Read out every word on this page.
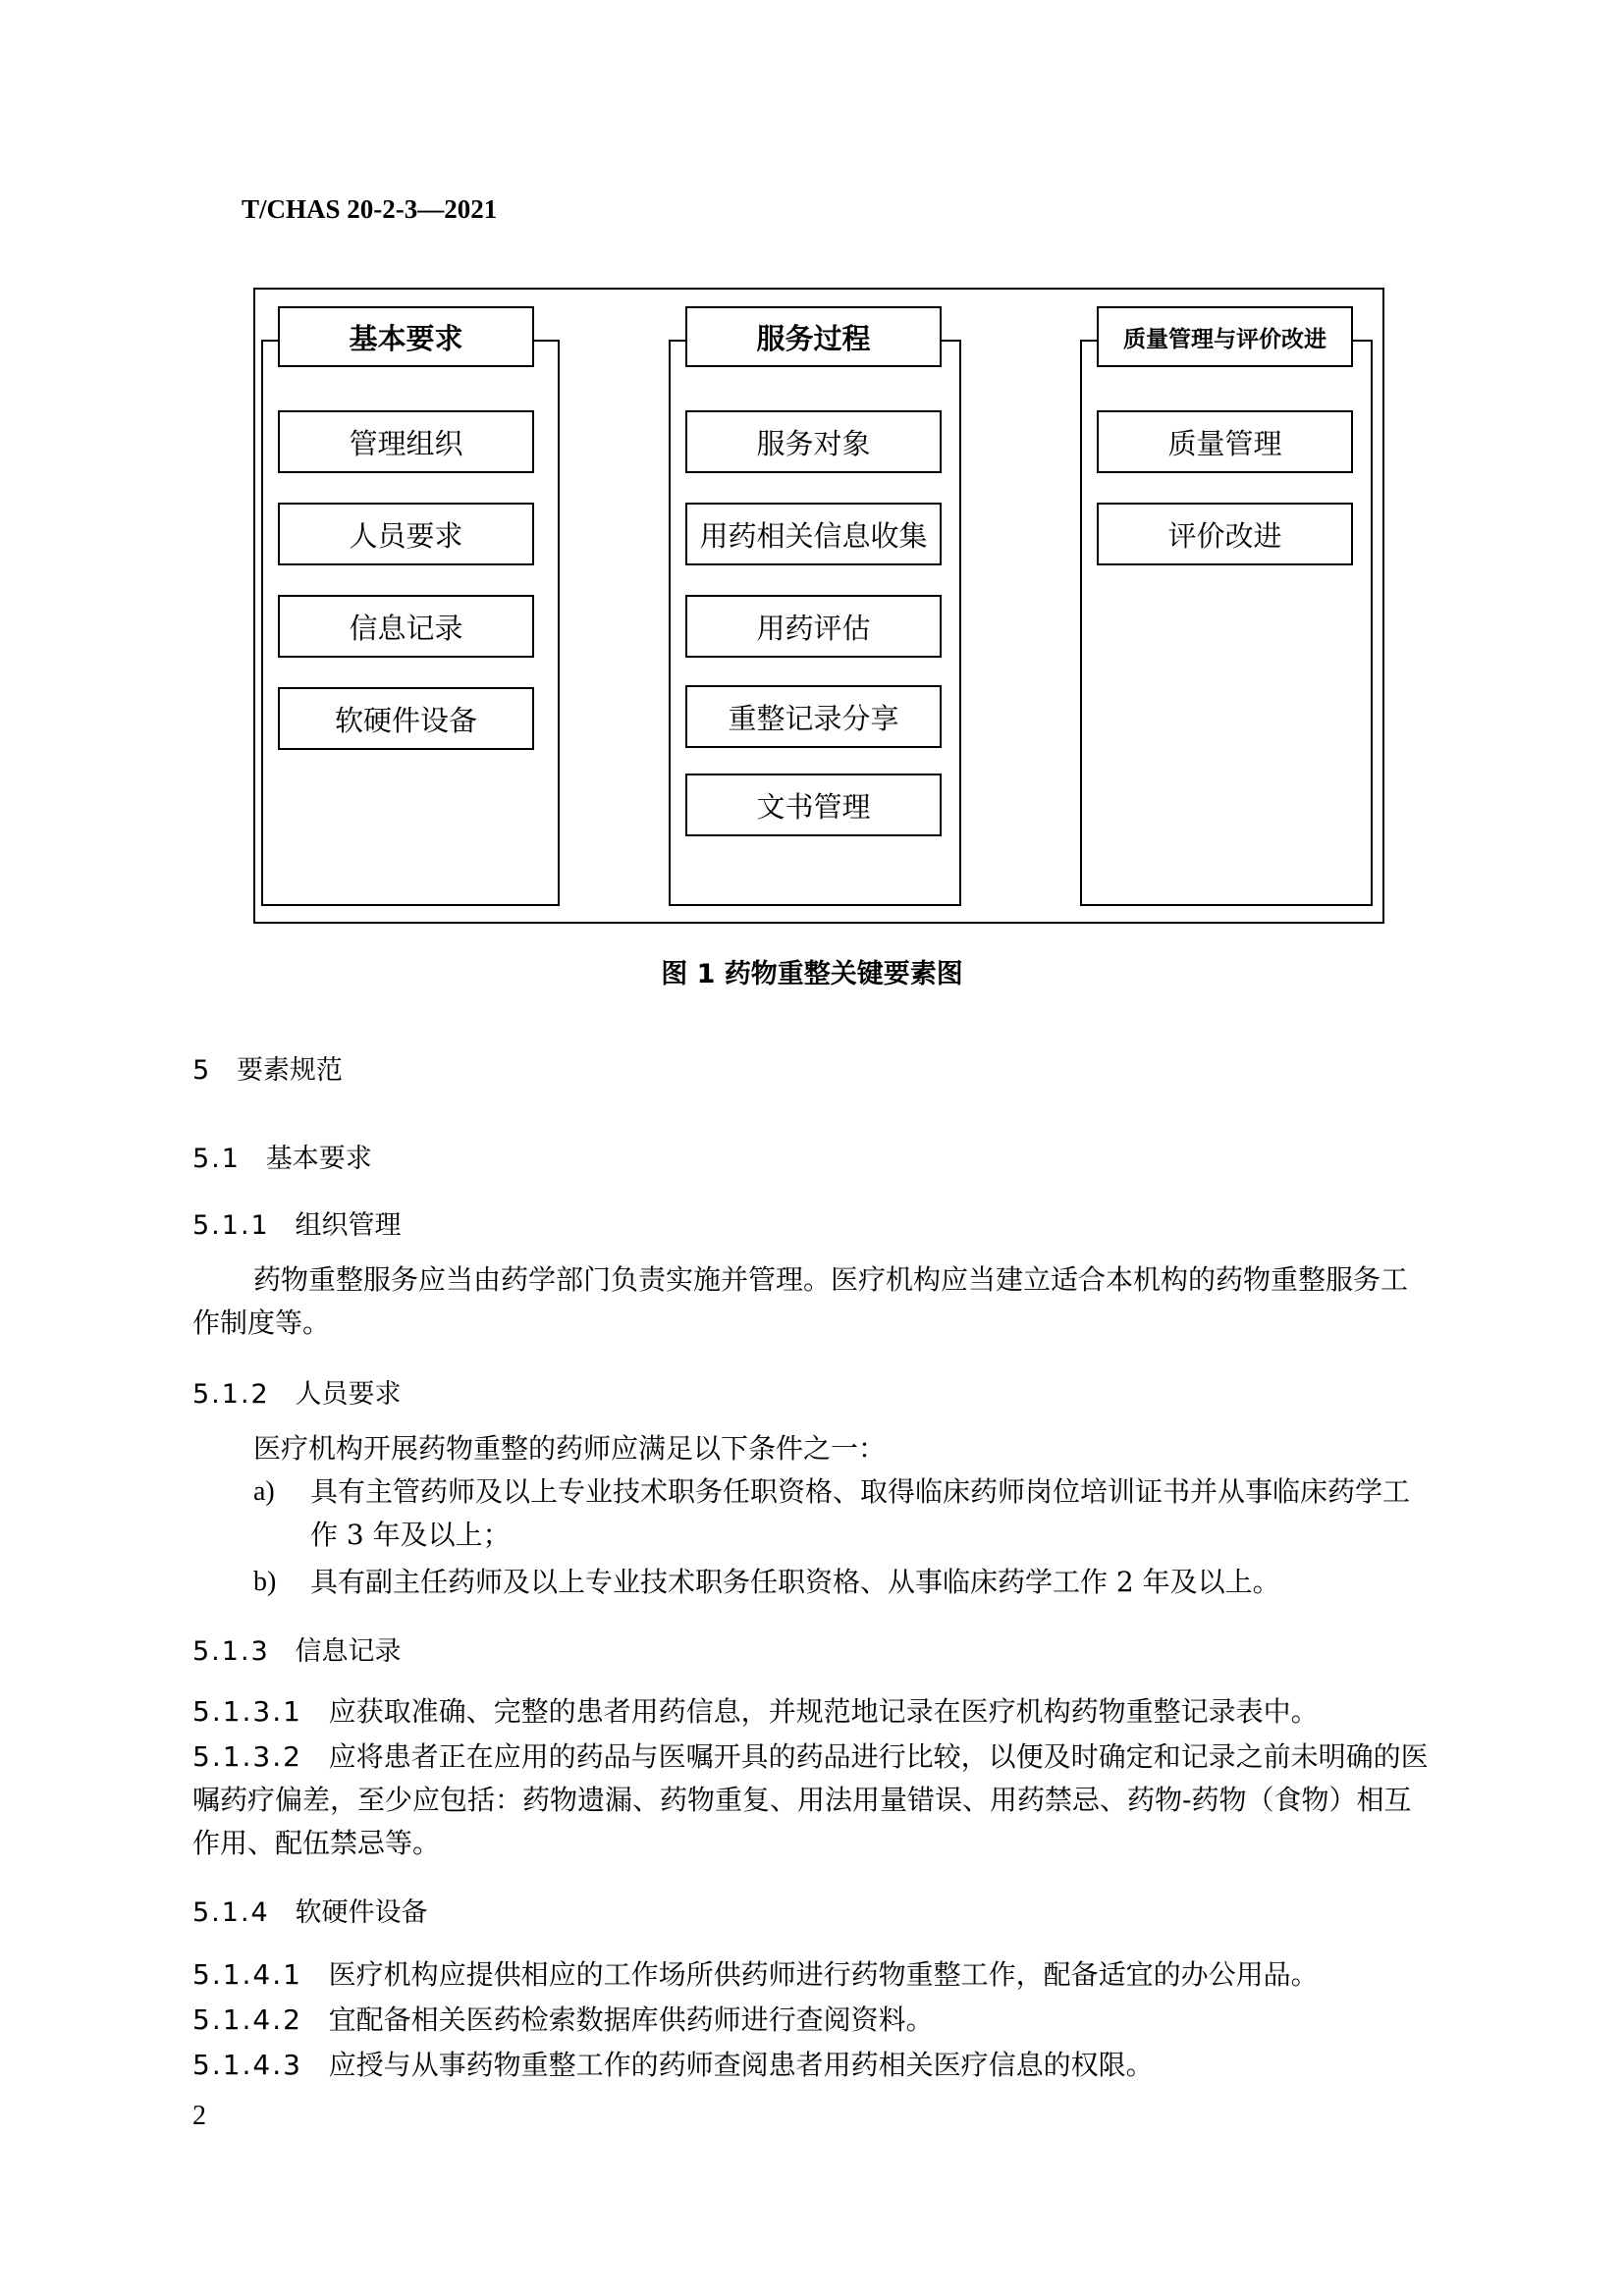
T/CHAS 20-2-3—2021
基本要求
管理组织
人员要求
信息记录
软硬件设备
服务过程
服务对象
用药相关信息收集
用药评估
重整记录分享
文书管理
质量管理与评价改进
质量管理
评价改进
图 1 药物重整关键要素图
5 要素规范
5.1 基本要求
5.1.1 组织管理
药物重整服务应当由药学部门负责实施并管理。医疗机构应当建立适合本机构的药物重整服务工
作制度等。
5.1.2 人员要求
医疗机构开展药物重整的药师应满足以下条件之一：
a) 具有主管药师及以上专业技术职务任职资格、取得临床药师岗位培训证书并从事临床药学工
作 3 年及以上；
b) 具有副主任药师及以上专业技术职务任职资格、从事临床药学工作 2 年及以上。
5.1.3 信息记录
5.1.3.1 应获取准确、完整的患者用药信息，并规范地记录在医疗机构药物重整记录表中。
5.1.3.2 应将患者正在应用的药品与医嘱开具的药品进行比较，以便及时确定和记录之前未明确的医
嘱药疗偏差，至少应包括：药物遗漏、药物重复、用法用量错误、用药禁忌、药物-药物（食物）相互
作用、配伍禁忌等。
5.1.4 软硬件设备
5.1.4.1 医疗机构应提供相应的工作场所供药师进行药物重整工作，配备适宜的办公用品。
5.1.4.2 宜配备相关医药检索数据库供药师进行查阅资料。
5.1.4.3 应授与从事药物重整工作的药师查阅患者用药相关医疗信息的权限。
2
